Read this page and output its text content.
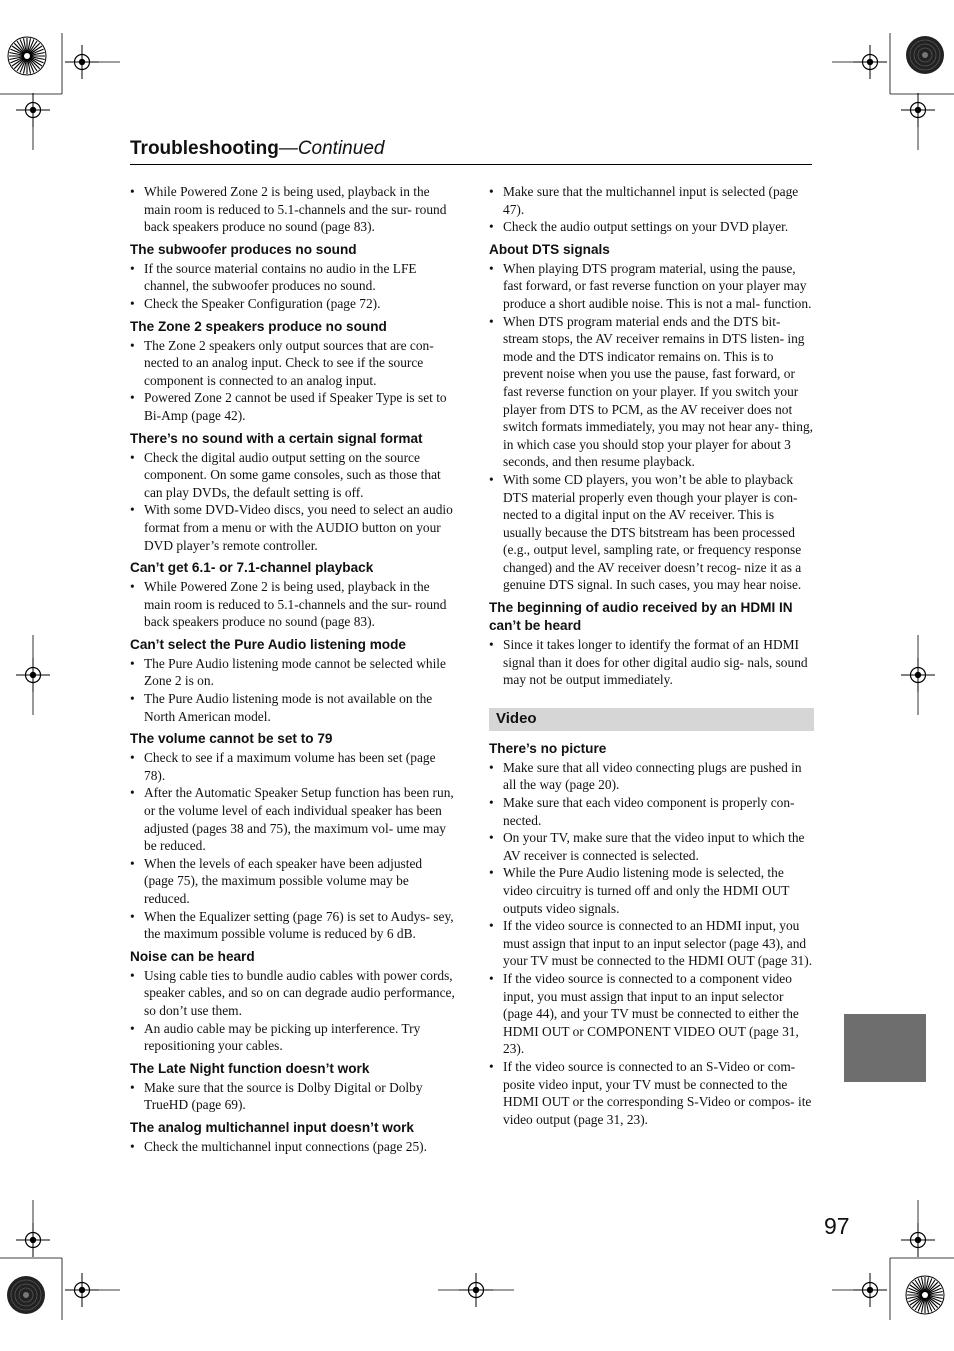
Troubleshooting—Continued
• While Powered Zone 2 is being used, playback in the main room is reduced to 5.1-channels and the sur- round back speakers produce no sound (page 83).
The subwoofer produces no sound
• If the source material contains no audio in the LFE channel, the subwoofer produces no sound.
• Check the Speaker Configuration (page 72).
The Zone 2 speakers produce no sound
• The Zone 2 speakers only output sources that are con- nected to an analog input. Check to see if the source component is connected to an analog input.
• Powered Zone 2 cannot be used if Speaker Type is set to Bi-Amp (page 42).
There’s no sound with a certain signal format
• Check the digital audio output setting on the source component. On some game consoles, such as those that can play DVDs, the default setting is off.
• With some DVD-Video discs, you need to select an audio format from a menu or with the AUDIO button on your DVD player’s remote controller.
Can’t get 6.1- or 7.1-channel playback
• While Powered Zone 2 is being used, playback in the main room is reduced to 5.1-channels and the sur- round back speakers produce no sound (page 83).
Can’t select the Pure Audio listening mode
• The Pure Audio listening mode cannot be selected while Zone 2 is on.
• The Pure Audio listening mode is not available on the North American model.
The volume cannot be set to 79
• Check to see if a maximum volume has been set (page 78).
• After the Automatic Speaker Setup function has been run, or the volume level of each individual speaker has been adjusted (pages 38 and 75), the maximum vol- ume may be reduced.
• When the levels of each speaker have been adjusted (page 75), the maximum possible volume may be reduced.
• When the Equalizer setting (page 76) is set to Audys- sey, the maximum possible volume is reduced by 6 dB.
Noise can be heard
• Using cable ties to bundle audio cables with power cords, speaker cables, and so on can degrade audio performance, so don’t use them.
• An audio cable may be picking up interference. Try repositioning your cables.
The Late Night function doesn’t work
• Make sure that the source is Dolby Digital or Dolby TrueHD (page 69).
The analog multichannel input doesn’t work
• Check the multichannel input connections (page 25).
• Make sure that the multichannel input is selected (page 47).
• Check the audio output settings on your DVD player.
About DTS signals
• When playing DTS program material, using the pause, fast forward, or fast reverse function on your player may produce a short audible noise. This is not a mal- function.
• When DTS program material ends and the DTS bit- stream stops, the AV receiver remains in DTS listen- ing mode and the DTS indicator remains on. This is to prevent noise when you use the pause, fast forward, or fast reverse function on your player. If you switch your player from DTS to PCM, as the AV receiver does not switch formats immediately, you may not hear any- thing, in which case you should stop your player for about 3 seconds, and then resume playback.
• With some CD players, you won’t be able to playback DTS material properly even though your player is con- nected to a digital input on the AV receiver. This is usually because the DTS bitstream has been processed (e.g., output level, sampling rate, or frequency response changed) and the AV receiver doesn’t recog- nize it as a genuine DTS signal. In such cases, you may hear noise.
The beginning of audio received by an HDMI IN can’t be heard
• Since it takes longer to identify the format of an HDMI signal than it does for other digital audio sig- nals, sound may not be output immediately.
Video
There’s no picture
• Make sure that all video connecting plugs are pushed in all the way (page 20).
• Make sure that each video component is properly con- nected.
• On your TV, make sure that the video input to which the AV receiver is connected is selected.
• While the Pure Audio listening mode is selected, the video circuitry is turned off and only the HDMI OUT outputs video signals.
• If the video source is connected to an HDMI input, you must assign that input to an input selector (page 43), and your TV must be connected to the HDMI OUT (page 31).
• If the video source is connected to a component video input, you must assign that input to an input selector (page 44), and your TV must be connected to either the HDMI OUT or COMPONENT VIDEO OUT (page 31, 23).
• If the video source is connected to an S-Video or com- posite video input, your TV must be connected to the HDMI OUT or the corresponding S-Video or compos- ite video output (page 31, 23).
97
